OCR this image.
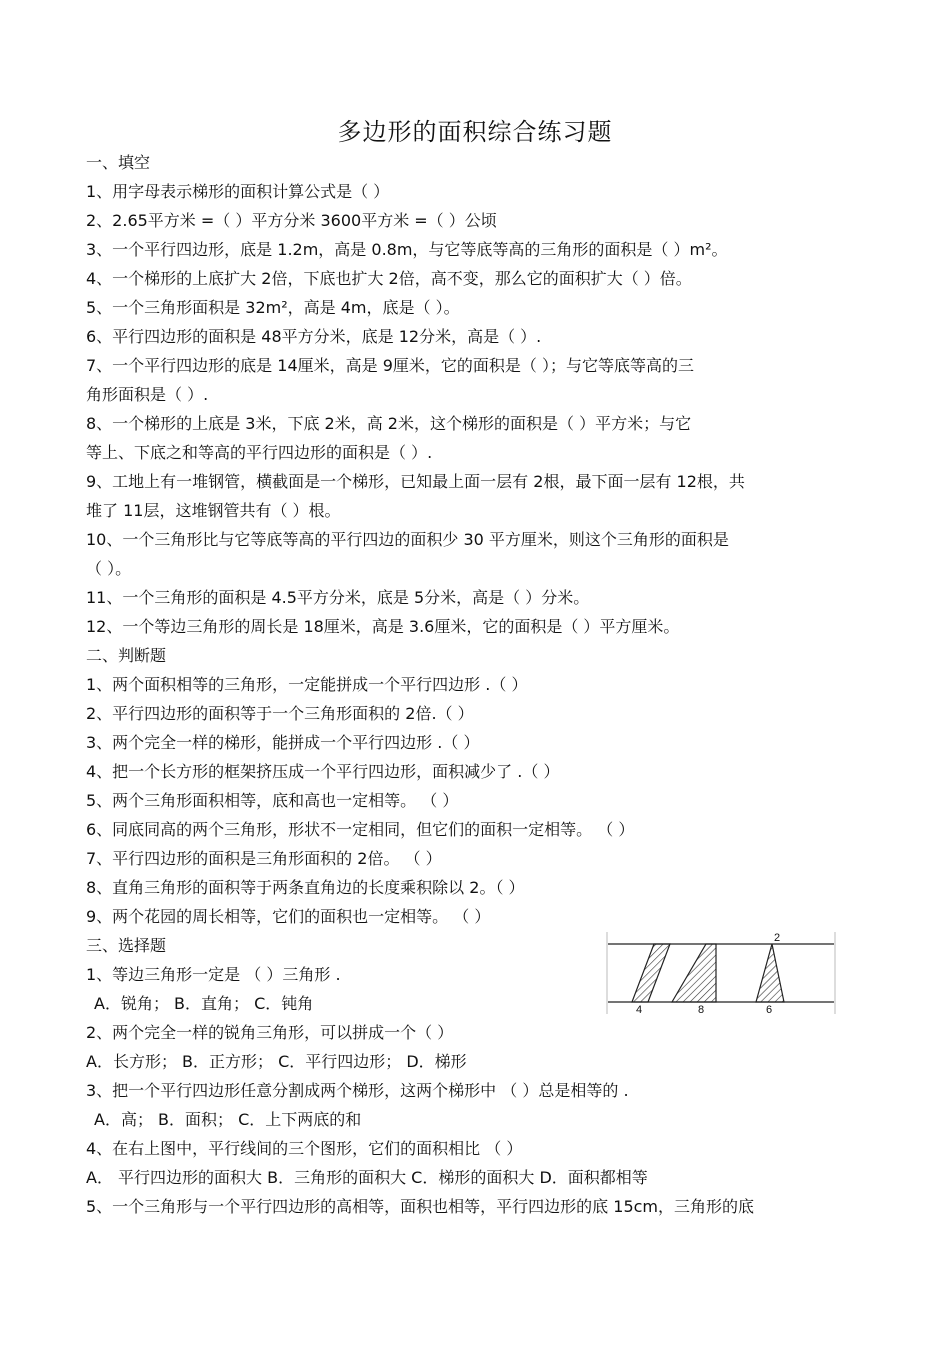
多边形的面积综合练习题
一、填空
1、用字母表示梯形的面积计算公式是（ ）
2、2.65平方米 =（ ）平方分米 3600平方米 =（ ）公顷
3、一个平行四边形，底是 1.2m，高是 0.8m，与它等底等高的三角形的面积是（ ）m²。
4、一个梯形的上底扩大 2倍，下底也扩大 2倍，高不变，那么它的面积扩大（ ）倍。
5、一个三角形面积是 32m²，高是 4m，底是（ ）。
6、平行四边形的面积是 48平方分米，底是 12分米，高是（ ）.
7、一个平行四边形的底是 14厘米，高是 9厘米，它的面积是（ ）；与它等底等高的三
角形面积是（ ）.
8、一个梯形的上底是 3米，下底 2米，高 2米，这个梯形的面积是（ ）平方米；与它
等上、下底之和等高的平行四边形的面积是（ ）.
9、工地上有一堆钢管，横截面是一个梯形，已知最上面一层有 2根，最下面一层有 12根，共
堆了 11层，这堆钢管共有（ ）根。
10、一个三角形比与它等底等高的平行四边的面积少 30 平方厘米，则这个三角形的面积是
（ ）。
11、一个三角形的面积是 4.5平方分米，底是 5分米，高是（ ）分米。
12、一个等边三角形的周长是 18厘米，高是 3.6厘米，它的面积是（ ）平方厘米。
二、判断题
1、两个面积相等的三角形，一定能拼成一个平行四边形 .（ ）
2、平行四边形的面积等于一个三角形面积的 2倍.（ ）
3、两个完全一样的梯形，能拼成一个平行四边形 .（ ）
4、把一个长方形的框架挤压成一个平行四边形，面积减少了 .（ ）
5、两个三角形面积相等，底和高也一定相等。 （ ）
6、同底同高的两个三角形，形状不一定相同，但它们的面积一定相等。 （ ）
7、平行四边形的面积是三角形面积的 2倍。 （ ）
8、直角三角形的面积等于两条直角边的长度乘积除以 2。（ ）
9、两个花园的周长相等，它们的面积也一定相等。 （ ）
三、选择题
1、等边三角形一定是 （ ）三角形 .
A．锐角； B．直角； C．钝角
2、两个完全一样的锐角三角形，可以拼成一个（ ）
A．长方形； B．正方形； C．平行四边形； D．梯形
3、把一个平行四边形任意分割成两个梯形，这两个梯形中 （ ）总是相等的 .
A．高； B．面积； C．上下两底的和
4、在右上图中，平行线间的三个图形，它们的面积相比 （ ）
A． 平行四边形的面积大 B．三角形的面积大 C．梯形的面积大 D．面积都相等
5、一个三角形与一个平行四边形的高相等，面积也相等，平行四边形的底 15cm，三角形的底
2
4	8	6
